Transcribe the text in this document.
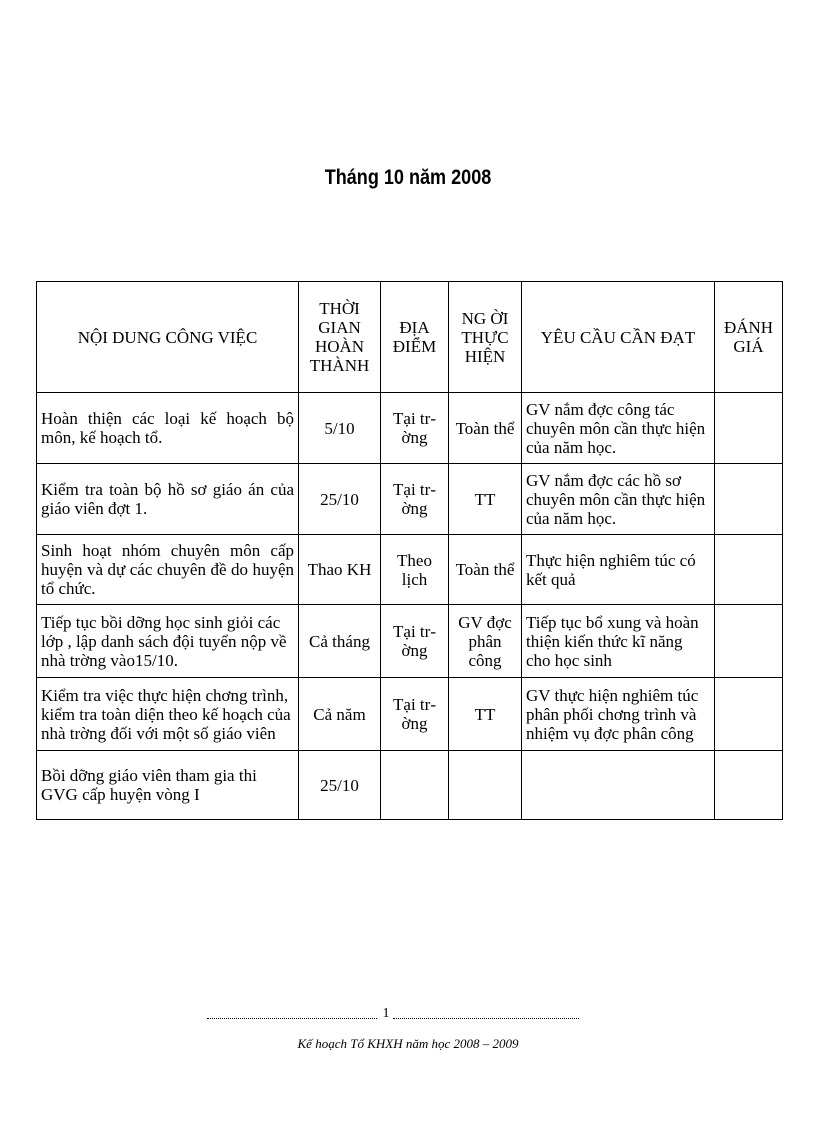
Tháng 10 năm 2008
NỘI DUNG CÔNG VIỆC	THỜI GIAN HOÀN THÀNH	ĐỊA ĐIỂM	NG ỜI THỰC HIỆN	YÊU CẦU CẦN ĐẠT	ĐÁNH GIÁ
Hoàn thiện các loại kế hoạch bộ môn, kế hoạch tổ.	5/10	Tại trờng	Toàn thể	GV nắm đợc công tác chuyên môn cần thực hiện của năm học.	
Kiểm tra toàn bộ hồ sơ giáo án của giáo viên đợt 1.	25/10	Tại trờng	TT	GV nắm đợc các hồ sơ chuyên môn cần thực hiện của năm học.	
Sinh hoạt nhóm chuyên môn cấp huyện và dự các chuyên đề do huyện tổ chức.	Thao KH	Theo lịch	Toàn thể	Thực hiện nghiêm túc có kết quả	
Tiếp tục bồi dỡng học sinh giỏi các lớp , lập danh sách đội tuyển nộp về nhà trờng vào15/10.	Cả tháng	Tại trờng	GV đợc phân công	Tiếp tục bổ xung và hoàn thiện kiến thức kĩ năng cho học sinh	
Kiểm tra việc thực hiện chơng trình, kiểm tra toàn diện theo kế hoạch của nhà trờng đối với một số giáo viên	Cả năm	Tại trờng	TT	GV thực hiện nghiêm túc phân phối chơng trình và nhiệm vụ đợc phân công	
Bồi dỡng giáo viên tham gia thi GVG cấp huyện vòng I	25/10				
1
Kế hoạch Tổ KHXH năm học 2008 – 2009
